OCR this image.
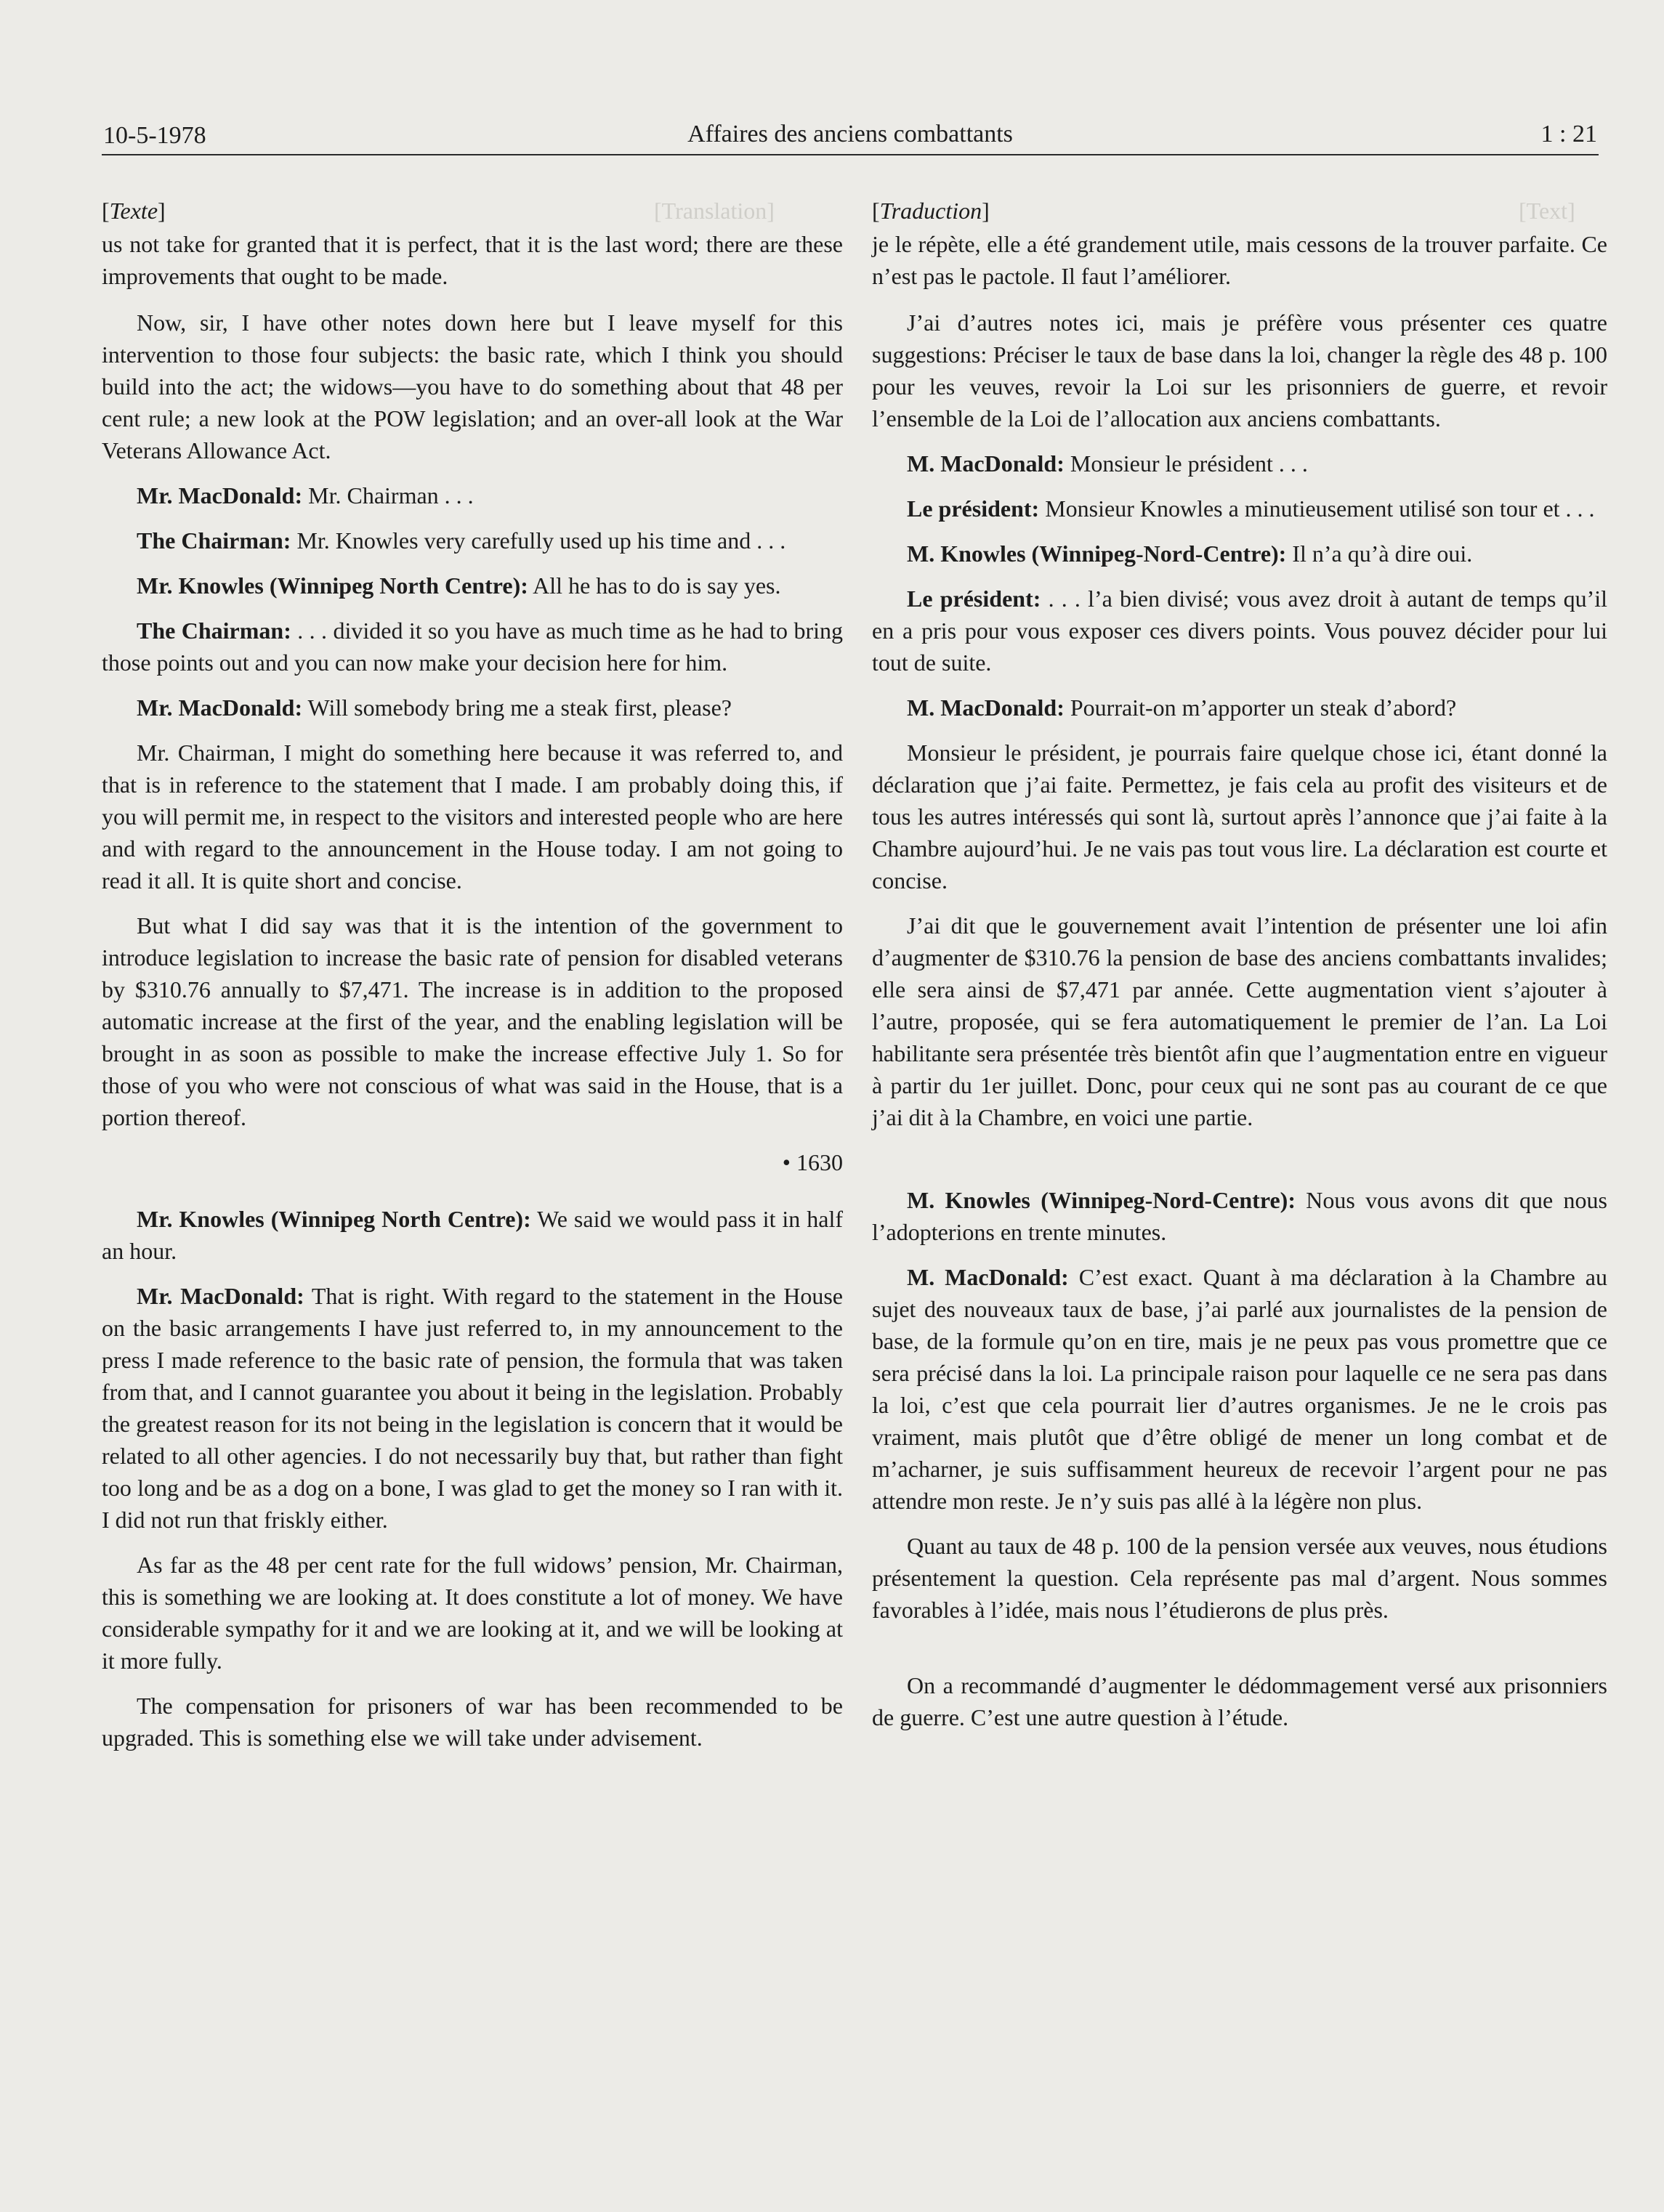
[Translation]	[Text]
10-5-1978	Affaires des anciens combattants	1 : 21
[Texte]

us not take for granted that it is perfect, that it is the last word; there are these improvements that ought to be made.

Now, sir, I have other notes down here but I leave myself for this intervention to those four subjects: the basic rate, which I think you should build into the act; the widows—you have to do something about that 48 per cent rule; a new look at the POW legislation; and an over-all look at the War Veterans Allowance Act.

Mr. MacDonald: Mr. Chairman . . .

The Chairman: Mr. Knowles very carefully used up his time and . . .

Mr. Knowles (Winnipeg North Centre): All he has to do is say yes.

The Chairman: . . . divided it so you have as much time as he had to bring those points out and you can now make your decision here for him.

Mr. MacDonald: Will somebody bring me a steak first, please?

Mr. Chairman, I might do something here because it was referred to, and that is in reference to the statement that I made. I am probably doing this, if you will permit me, in respect to the visitors and interested people who are here and with regard to the announcement in the House today. I am not going to read it all. It is quite short and concise.

But what I did say was that it is the intention of the government to introduce legislation to increase the basic rate of pension for disabled veterans by $310.76 annually to $7,471. The increase is in addition to the proposed automatic increase at the first of the year, and the enabling legislation will be brought in as soon as possible to make the increase effective July 1. So for those of you who were not conscious of what was said in the House, that is a portion thereof.

• 1630

Mr. Knowles (Winnipeg North Centre): We said we would pass it in half an hour.

Mr. MacDonald: That is right. With regard to the statement in the House on the basic arrangements I have just referred to, in my announcement to the press I made reference to the basic rate of pension, the formula that was taken from that, and I cannot guarantee you about it being in the legislation. Probably the greatest reason for its not being in the legislation is concern that it would be related to all other agencies. I do not necessarily buy that, but rather than fight too long and be as a dog on a bone, I was glad to get the money so I ran with it. I did not run that friskly either.

As far as the 48 per cent rate for the full widows’ pension, Mr. Chairman, this is something we are looking at. It does constitute a lot of money. We have considerable sympathy for it and we are looking at it, and we will be looking at it more fully.

The compensation for prisoners of war has been recommended to be upgraded. This is something else we will take under advisement.

[Traduction]

je le répète, elle a été grandement utile, mais cessons de la trouver parfaite. Ce n’est pas le pactole. Il faut l’améliorer.

J’ai d’autres notes ici, mais je préfère vous présenter ces quatre suggestions: Préciser le taux de base dans la loi, changer la règle des 48 p. 100 pour les veuves, revoir la Loi sur les prisonniers de guerre, et revoir l’ensemble de la Loi de l’allocation aux anciens combattants.

M. MacDonald: Monsieur le président . . .

Le président: Monsieur Knowles a minutieusement utilisé son tour et . . .

M. Knowles (Winnipeg-Nord-Centre): Il n’a qu’à dire oui.

Le président: . . . l’a bien divisé; vous avez droit à autant de temps qu’il en a pris pour vous exposer ces divers points. Vous pouvez décider pour lui tout de suite.

M. MacDonald: Pourrait-on m’apporter un steak d’abord?

Monsieur le président, je pourrais faire quelque chose ici, étant donné la déclaration que j’ai faite. Permettez, je fais cela au profit des visiteurs et de tous les autres intéressés qui sont là, surtout après l’annonce que j’ai faite à la Chambre aujourd’hui. Je ne vais pas tout vous lire. La déclaration est courte et concise.

J’ai dit que le gouvernement avait l’intention de présenter une loi afin d’augmenter de $310.76 la pension de base des anciens combattants invalides; elle sera ainsi de $7,471 par année. Cette augmentation vient s’ajouter à l’autre, proposée, qui se fera automatiquement le premier de l’an. La Loi habilitante sera présentée très bientôt afin que l’augmentation entre en vigueur à partir du 1er juillet. Donc, pour ceux qui ne sont pas au courant de ce que j’ai dit à la Chambre, en voici une partie.

M. Knowles (Winnipeg-Nord-Centre): Nous vous avons dit que nous l’adopterions en trente minutes.

M. MacDonald: C’est exact. Quant à ma déclaration à la Chambre au sujet des nouveaux taux de base, j’ai parlé aux journalistes de la pension de base, de la formule qu’on en tire, mais je ne peux pas vous promettre que ce sera précisé dans la loi. La principale raison pour laquelle ce ne sera pas dans la loi, c’est que cela pourrait lier d’autres organismes. Je ne le crois pas vraiment, mais plutôt que d’être obligé de mener un long combat et de m’acharner, je suis suffisamment heureux de recevoir l’argent pour ne pas attendre mon reste. Je n’y suis pas allé à la légère non plus.

Quant au taux de 48 p. 100 de la pension versée aux veuves, nous étudions présentement la question. Cela représente pas mal d’argent. Nous sommes favorables à l’idée, mais nous l’étudierons de plus près.

On a recommandé d’augmenter le dédommagement versé aux prisonniers de guerre. C’est une autre question à l’étude.
